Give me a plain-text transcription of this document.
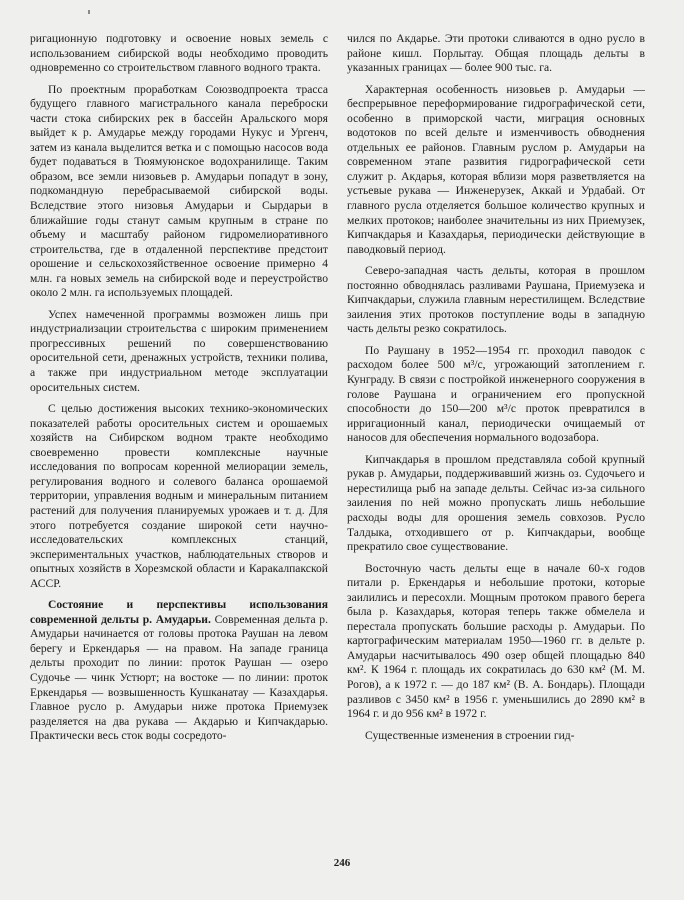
ригационную подготовку и освоение новых земель с использованием сибирской воды необходимо проводить одновременно со строительством главного водного тракта.

По проектным проработкам Союзводпроекта трасса будущего главного магистрального канала переброски части стока сибирских рек в бассейн Аральского моря выйдет к р. Амударье между городами Нукус и Ургенч, затем из канала выделится ветка и с помощью насосов вода будет подаваться в Тюямуюнское водохранилище. Таким образом, все земли низовьев р. Амударьи попадут в зону, подкомандную перебрасываемой сибирской воды. Вследствие этого низовья Амударьи и Сырдарьи в ближайшие годы станут самым крупным в стране по объему и масштабу районом гидромелиоративного строительства, где в отдаленной перспективе предстоит орошение и сельскохозяйственное освоение примерно 4 млн. га новых земель на сибирской воде и переустройство около 2 млн. га используемых площадей.

Успех намеченной программы возможен лишь при индустриализации строительства с широким применением прогрессивных решений по совершенствованию оросительной сети, дренажных устройств, техники полива, а также при индустриальном методе эксплуатации оросительных систем.

С целью достижения высоких технико-экономических показателей работы оросительных систем и орошаемых хозяйств на Сибирском водном тракте необходимо своевременно провести комплексные научные исследования по вопросам коренной мелиорации земель, регулирования водного и солевого баланса орошаемой территории, управления водным и минеральным питанием растений для получения планируемых урожаев и т. д. Для этого потребуется создание широкой сети научно-исследовательских комплексных станций, экспериментальных участков, наблюдательных створов и опытных хозяйств в Хорезмской области и Каракалпакской АССР.

Состояние и перспективы использования современной дельты р. Амударьи. Современная дельта р. Амударьи начинается от головы протока Раушан на левом берегу и Еркендарья — на правом. На западе граница дельты проходит по линии: проток Раушан — озеро Судочье — чинк Устюрт; на востоке — по линии: проток Еркендарья — возвышенность Кушканатау — Казахдарья. Главное русло р. Амударьи ниже протока Приемузек разделяется на два рукава — Акдарью и Кипчакдарью. Практически весь сток воды сосредото-

чился по Акдарье. Эти протоки сливаются в одно русло в районе кишл. Порлытау. Общая площадь дельты в указанных границах — более 900 тыс. га.

Характерная особенность низовьев р. Амударьи — беспрерывное переформирование гидрографической сети, особенно в приморской части, миграция основных водотоков по всей дельте и изменчивость обводнения отдельных ее районов. Главным руслом р. Амударьи на современном этапе развития гидрографической сети служит р. Акдарья, которая вблизи моря разветвляется на устьевые рукава — Инженерузек, Аккай и Урдабай. От главного русла отделяется большое количество крупных и мелких протоков; наиболее значительны из них Приемузек, Кипчакдарья и Казахдарья, периодически действующие в паводковый период.

Северо-западная часть дельты, которая в прошлом постоянно обводнялась разливами Раушана, Приемузека и Кипчакдарьи, служила главным нерестилищем. Вследствие заиления этих протоков поступление воды в западную часть дельты резко сократилось.

По Раушану в 1952—1954 гг. проходил паводок с расходом более 500 м³/с, угрожающий затоплением г. Кунграду. В связи с постройкой инженерного сооружения в голове Раушана и ограничением его пропускной способности до 150—200 м³/с проток превратился в ирригационный канал, периодически очищаемый от наносов для обеспечения нормального водозабора.

Кипчакдарья в прошлом представляла собой крупный рукав р. Амударьи, поддерживавший жизнь оз. Судочьего и нерестилища рыб на западе дельты. Сейчас из-за сильного заиления по ней можно пропускать лишь небольшие расходы воды для орошения земель совхозов. Русло Талдыка, отходившего от р. Кипчакдарьи, вообще прекратило свое существование.

Восточную часть дельты еще в начале 60-х годов питали р. Еркендарья и небольшие протоки, которые заилились и пересохли. Мощным протоком правого берега была р. Казахдарья, которая теперь также обмелела и перестала пропускать большие расходы р. Амударьи. По картографическим материалам 1950—1960 гг. в дельте р. Амударьи насчитывалось 490 озер общей площадью 840 км². К 1964 г. площадь их сократилась до 630 км² (М. М. Рогов), а к 1972 г. — до 187 км² (В. А. Бондарь). Площади разливов с 3450 км² в 1956 г. уменьшились до 2890 км² в 1964 г. и до 956 км² в 1972 г.

Существенные изменения в строении гид-

246
